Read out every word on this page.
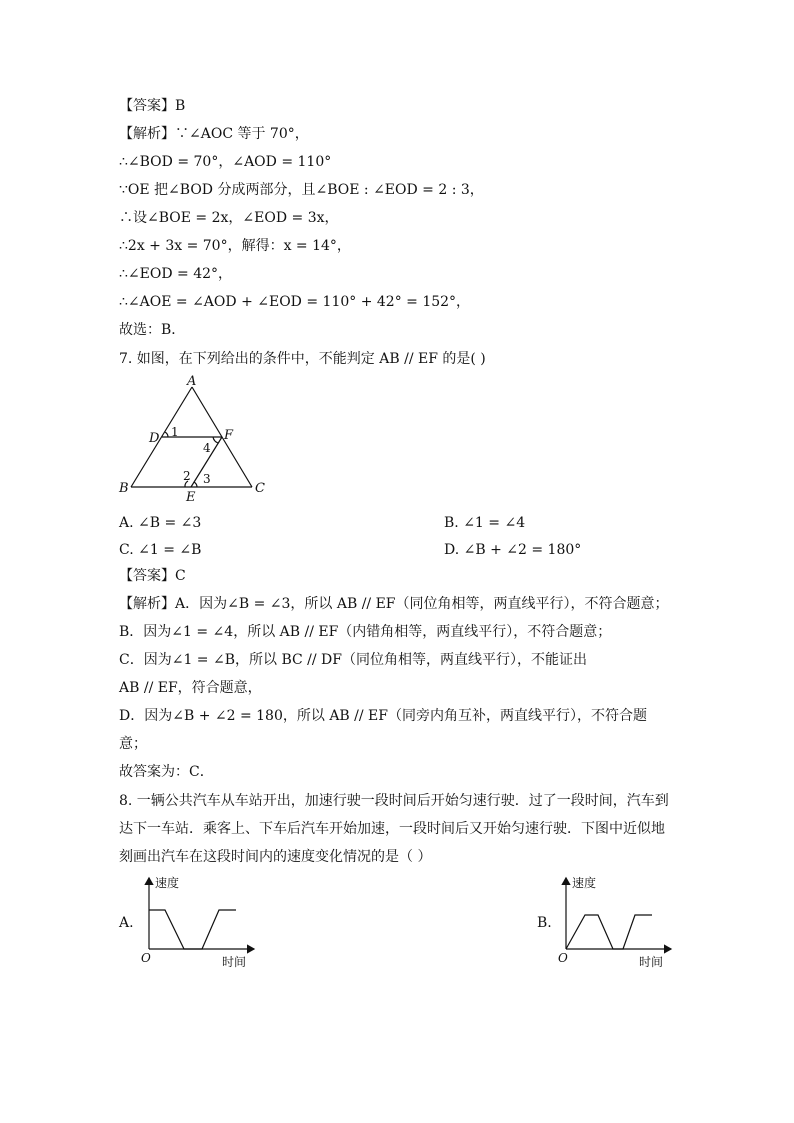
【答案】B
【解析】∵∠AOC 等于 70°，
∴∠BOD = 70°，∠AOD = 110°
∵OE 把∠BOD 分成两部分，且∠BOE : ∠EOD = 2 : 3，
∴设∠BOE = 2x，∠EOD = 3x，
∴2x + 3x = 70°，解得：x = 14°，
∴∠EOD = 42°，
∴∠AOE = ∠AOD + ∠EOD = 110° + 42° = 152°，
故选：B．
7. 如图，在下列给出的条件中，不能判定 AB // EF 的是( )
A
D	F
B	C
E
1
4
2 3
A. ∠B = ∠3	B. ∠1 = ∠4
C. ∠1 = ∠B	D. ∠B + ∠2 = 180°
【答案】C
【解析】A．因为∠B = ∠3，所以 AB // EF（同位角相等，两直线平行），不符合题意；
B．因为∠1 = ∠4，所以 AB // EF（内错角相等，两直线平行），不符合题意；
C．因为∠1 = ∠B，所以 BC // DF（同位角相等，两直线平行），不能证出
AB // EF，符合题意，
D．因为∠B + ∠2 = 180，所以 AB // EF（同旁内角互补，两直线平行），不符合题
意；
故答案为：C．
8. 一辆公共汽车从车站开出，加速行驶一段时间后开始匀速行驶．过了一段时间，汽车到
达下一车站．乘客上、下车后汽车开始加速，一段时间后又开始匀速行驶．下图中近似地
刻画出汽车在这段时间内的速度变化情况的是（ ）
A.
速度
时间
O
B.
速度
时间
O
